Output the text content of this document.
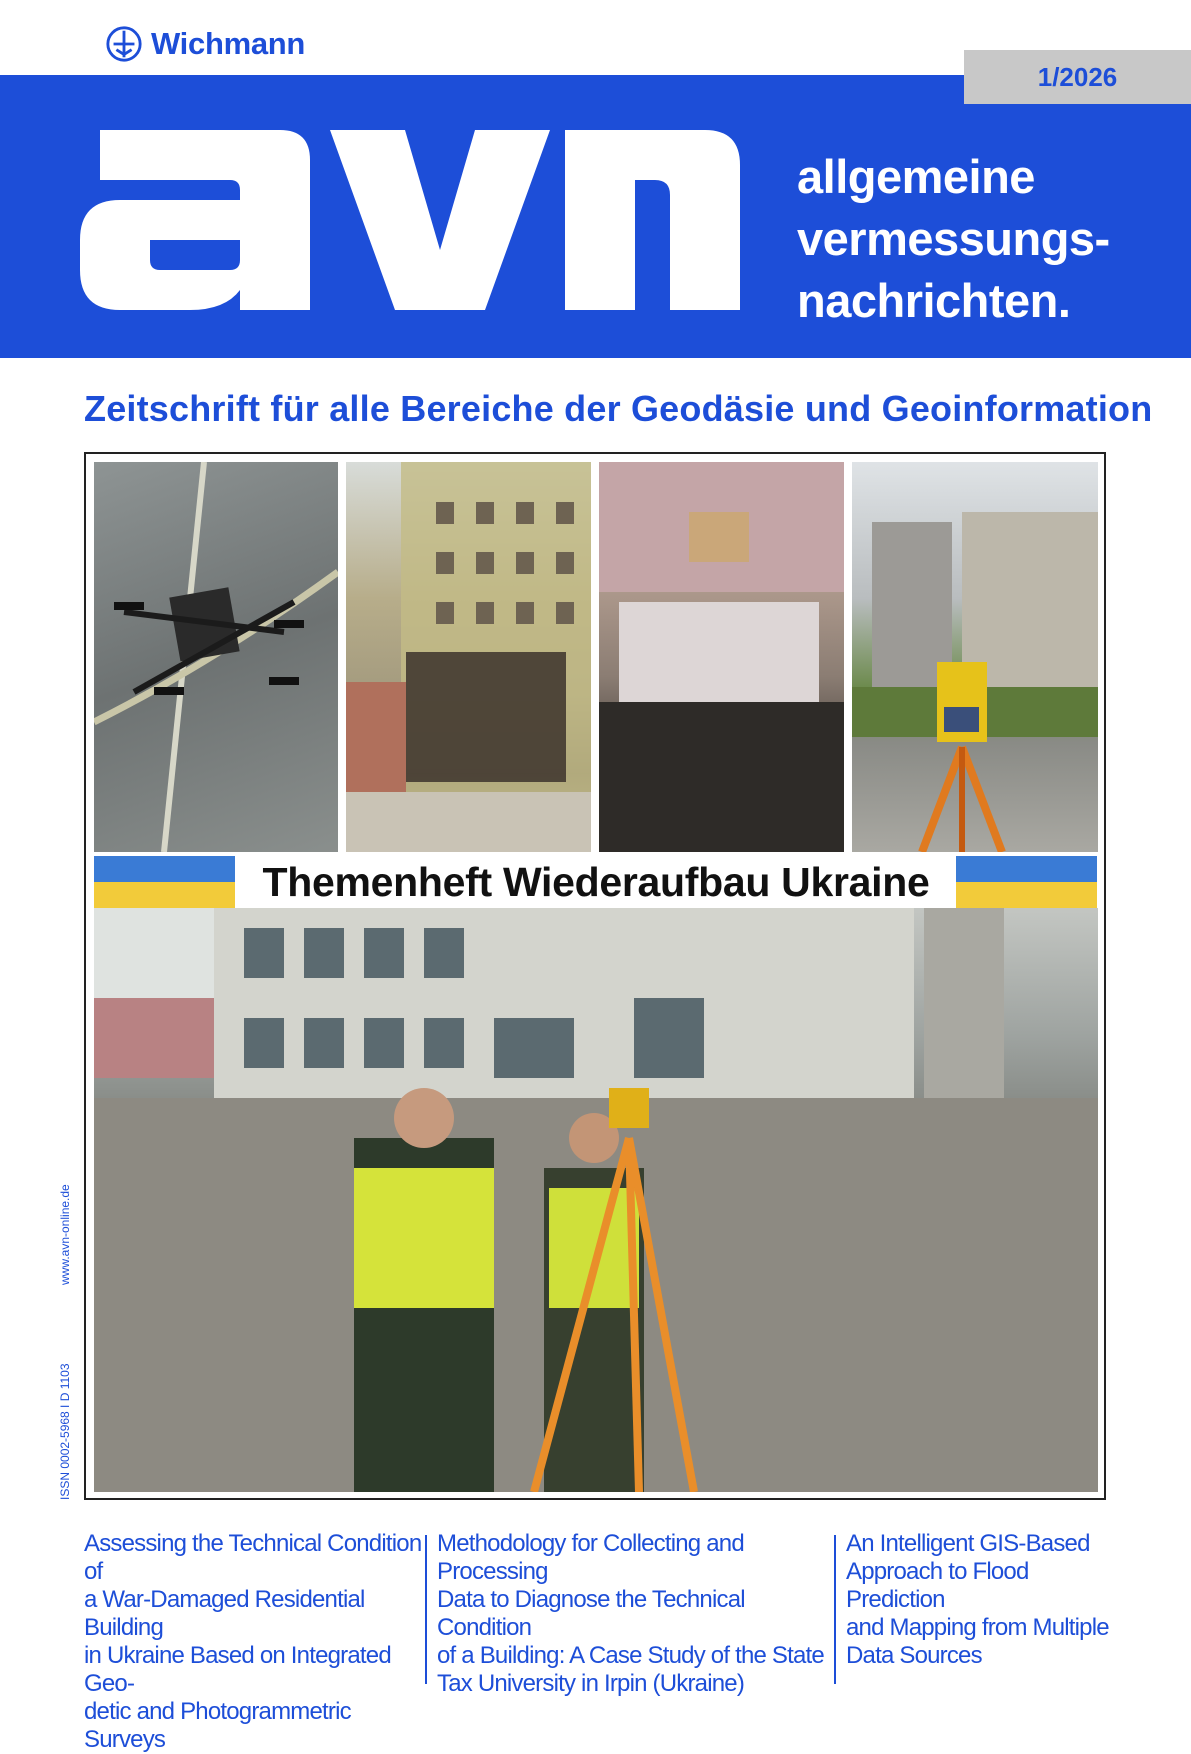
Wichmann
1/2026
allgemeine
vermessungs-
nachrichten.
Zeitschrift für alle Bereiche der Geodäsie und Geoinformation
Themenheft Wiederaufbau Ukraine
www.avn-online.de
ISSN 0002-5968 I D 1103
Assessing the Technical Condition of
a War-Damaged Residential Building
in Ukraine Based on Integrated Geo-
detic and Photogrammetric Surveys
Methodology for Collecting and Processing
Data to Diagnose the Technical Condition
of a Building: A Case Study of the State
Tax University in Irpin (Ukraine)
An Intelligent GIS-Based
Approach to Flood Prediction
and Mapping from Multiple
Data Sources
